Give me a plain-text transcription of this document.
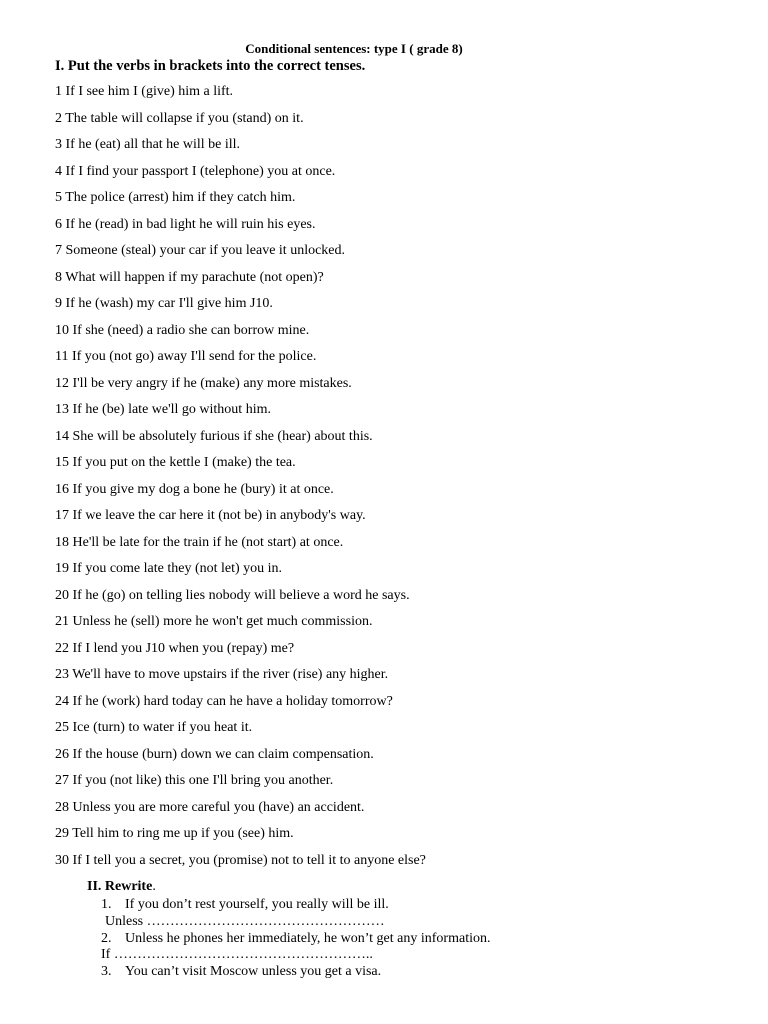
Conditional sentences: type I ( grade 8)
I. Put the verbs in brackets into the correct tenses.
1 If I see him I (give) him a lift.
2 The table will collapse if you (stand) on it.
3 If he (eat) all that he will be ill.
4 If I find your passport I (telephone) you at once.
5 The police (arrest) him if they catch him.
6 If he (read) in bad light he will ruin his eyes.
7 Someone (steal) your car if you leave it unlocked.
8 What will happen if my parachute (not open)?
9 If he (wash) my car I'll give him J10.
10 If she (need) a radio she can borrow mine.
11 If you (not go) away I'll send for the police.
12 I'll be very angry if he (make) any more mistakes.
13 If he (be) late we'll go without him.
14 She will be absolutely furious if she (hear) about this.
15 If you put on the kettle I (make) the tea.
16 If you give my dog a bone he (bury) it at once.
17 If we leave the car here it (not be) in anybody's way.
18 He'll be late for the train if he (not start) at once.
19 If you come late they (not let) you in.
20 If he (go) on telling lies nobody will believe a word he says.
21 Unless he (sell) more he won't get much commission.
22 If I lend you J10 when you (repay) me?
23 We'll have to move upstairs if the river (rise) any higher.
24 If he (work) hard today can he have a holiday tomorrow?
25 Ice (turn) to water if you heat it.
26 If the house (burn) down we can claim compensation.
27 If you (not like) this one I'll bring you another.
28 Unless you are more careful you (have) an accident.
29 Tell him to ring me up if you (see) him.
30 If I tell you a secret, you (promise) not to tell it to anyone else?
II. Rewrite.
1. If you don’t rest yourself, you really will be ill.
Unless ……………………………………………
2. Unless he phones her immediately, he won’t get any information.
If ………………………………………………..
3. You can’t visit Moscow unless you get a visa.
